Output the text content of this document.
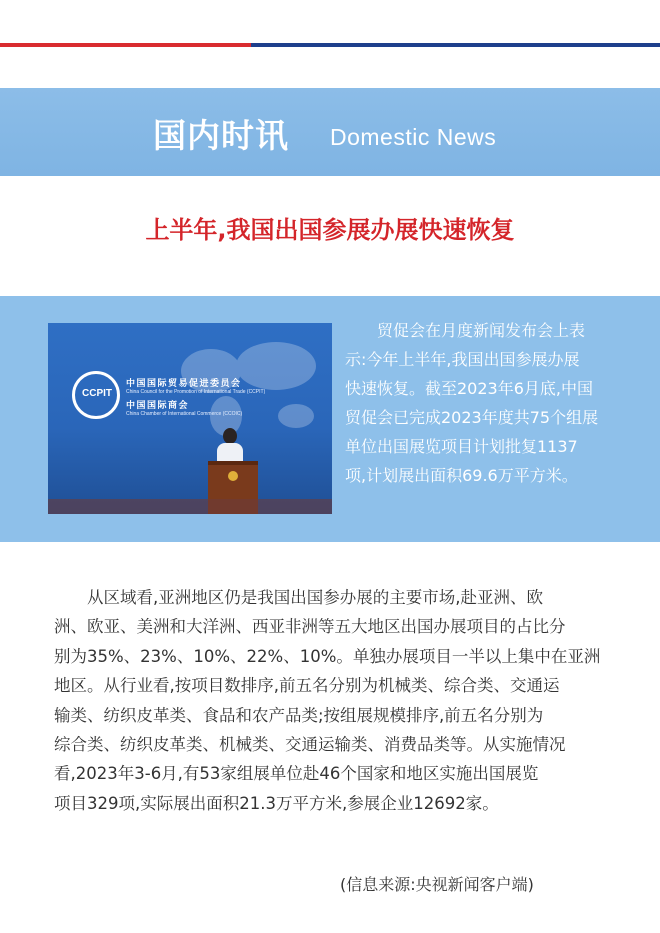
国内时讯 Domestic News
上半年,我国出国参展办展快速恢复
CCPIT
中国国际贸易促进委员会
China Council for the Promotion of International Trade (CCPIT)
中国国际商会
China Chamber of International Commerce (CCOIC)
贸促会在月度新闻发布会上表
示:今年上半年,我国出国参展办展
快速恢复。截至2023年6月底,中国
贸促会已完成2023年度共75个组展
单位出国展览项目计划批复1137
项,计划展出面积69.6万平方米。
从区域看,亚洲地区仍是我国出国参办展的主要市场,赴亚洲、欧
洲、欧亚、美洲和大洋洲、西亚非洲等五大地区出国办展项目的占比分
别为35%、23%、10%、22%、10%。单独办展项目一半以上集中在亚洲
地区。从行业看,按项目数排序,前五名分别为机械类、综合类、交通运
输类、纺织皮革类、食品和农产品类;按组展规模排序,前五名分别为
综合类、纺织皮革类、机械类、交通运输类、消费品类等。从实施情况
看,2023年3-6月,有53家组展单位赴46个国家和地区实施出国展览
项目329项,实际展出面积21.3万平方米,参展企业12692家。
(信息来源:央视新闻客户端)
